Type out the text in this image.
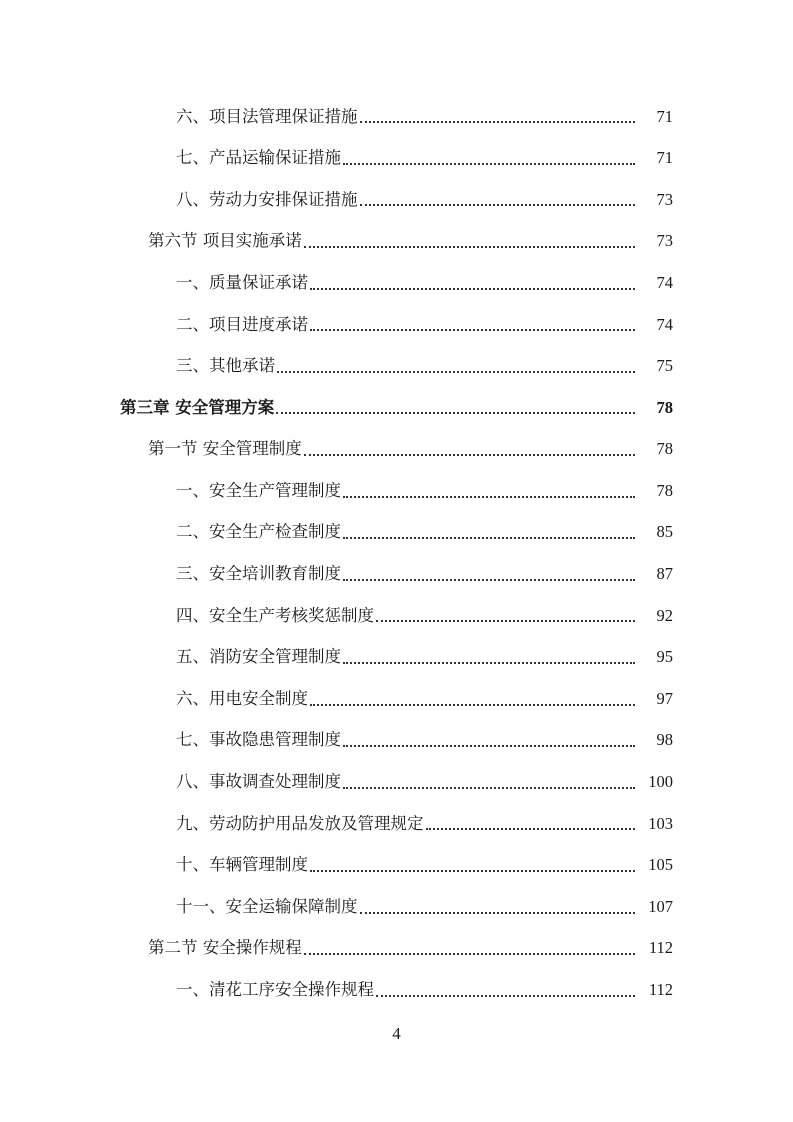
六、项目法管理保证措施	71
七、产品运输保证措施	71
八、劳动力安排保证措施	73
第六节 项目实施承诺	73
一、质量保证承诺	74
二、项目进度承诺	74
三、其他承诺	75
第三章 安全管理方案	78
第一节 安全管理制度	78
一、安全生产管理制度	78
二、安全生产检查制度	85
三、安全培训教育制度	87
四、安全生产考核奖惩制度	92
五、消防安全管理制度	95
六、用电安全制度	97
七、事故隐患管理制度	98
八、事故调查处理制度	100
九、劳动防护用品发放及管理规定	103
十、车辆管理制度	105
十一、安全运输保障制度	107
第二节 安全操作规程	112
一、清花工序安全操作规程	112
4
